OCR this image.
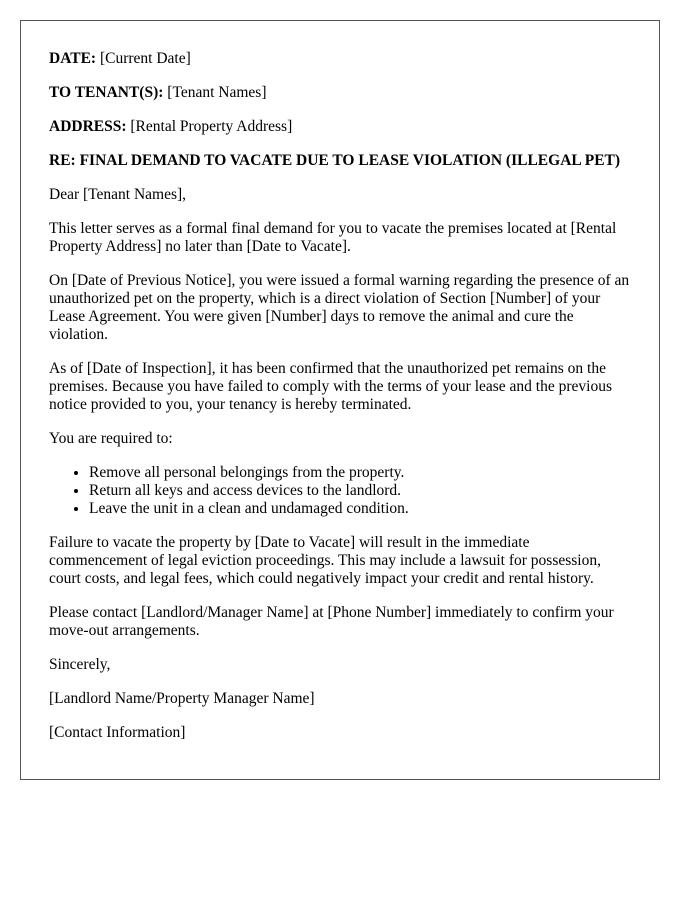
DATE: [Current Date]

TO TENANT(S): [Tenant Names]

ADDRESS: [Rental Property Address]

RE: FINAL DEMAND TO VACATE DUE TO LEASE VIOLATION (ILLEGAL PET)

Dear [Tenant Names],

This letter serves as a formal final demand for you to vacate the premises located at [Rental Property Address] no later than [Date to Vacate].

On [Date of Previous Notice], you were issued a formal warning regarding the presence of an unauthorized pet on the property, which is a direct violation of Section [Number] of your Lease Agreement. You were given [Number] days to remove the animal and cure the violation.

As of [Date of Inspection], it has been confirmed that the unauthorized pet remains on the premises. Because you have failed to comply with the terms of your lease and the previous notice provided to you, your tenancy is hereby terminated.

You are required to:

• Remove all personal belongings from the property.
• Return all keys and access devices to the landlord.
• Leave the unit in a clean and undamaged condition.

Failure to vacate the property by [Date to Vacate] will result in the immediate commencement of legal eviction proceedings. This may include a lawsuit for possession, court costs, and legal fees, which could negatively impact your credit and rental history.

Please contact [Landlord/Manager Name] at [Phone Number] immediately to confirm your move-out arrangements.

Sincerely,

[Landlord Name/Property Manager Name]

[Contact Information]
